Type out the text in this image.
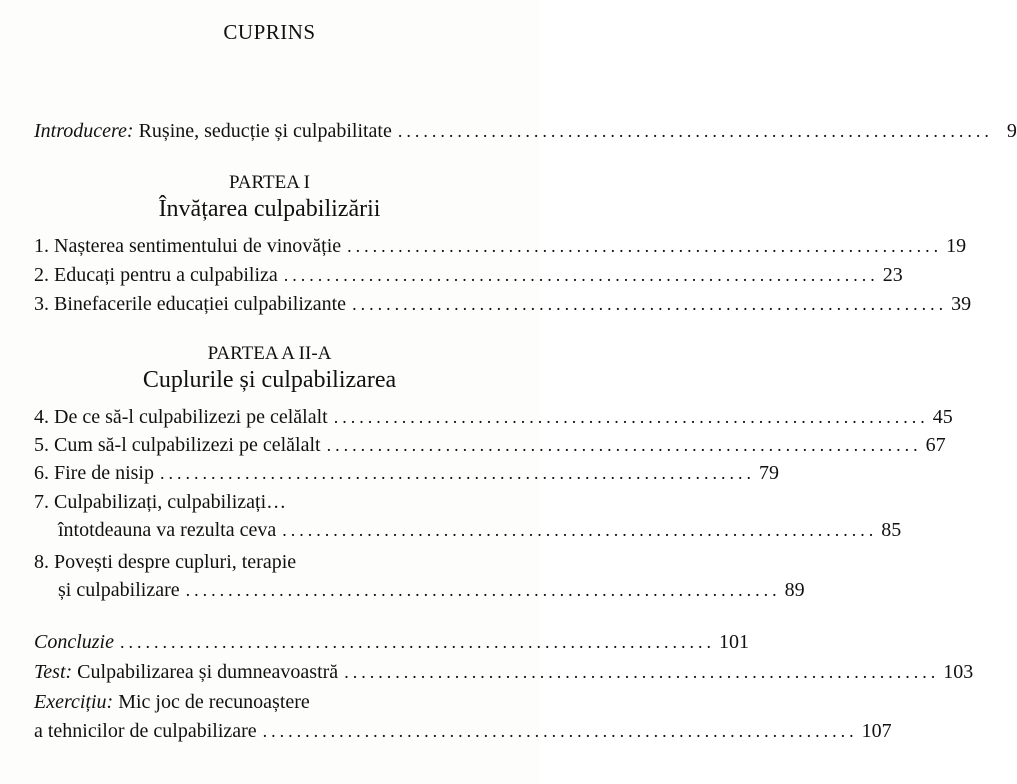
CUPRINS
Introducere: Rușine, seducție și culpabilitate ...................................................................... 9
PARTEA I
Învățarea culpabilizării
1. Nașterea sentimentului de vinovăție ...................................................................... 19
2. Educați pentru a culpabiliza ...................................................................... 23
3. Binefacerile educației culpabilizante ...................................................................... 39
PARTEA A II-A
Cuplurile și culpabilizarea
4. De ce să-l culpabilizezi pe celălalt ...................................................................... 45
5. Cum să-l culpabilizezi pe celălalt ...................................................................... 67
6. Fire de nisip ...................................................................... 79
7. Culpabilizați, culpabilizați…
întotdeauna va rezulta ceva ...................................................................... 85
8. Povești despre cupluri, terapie
și culpabilizare ...................................................................... 89
Concluzie ...................................................................... 101
Test: Culpabilizarea și dumneavoastră ...................................................................... 103
Exercițiu: Mic joc de recunoaștere
a tehnicilor de culpabilizare ...................................................................... 107
